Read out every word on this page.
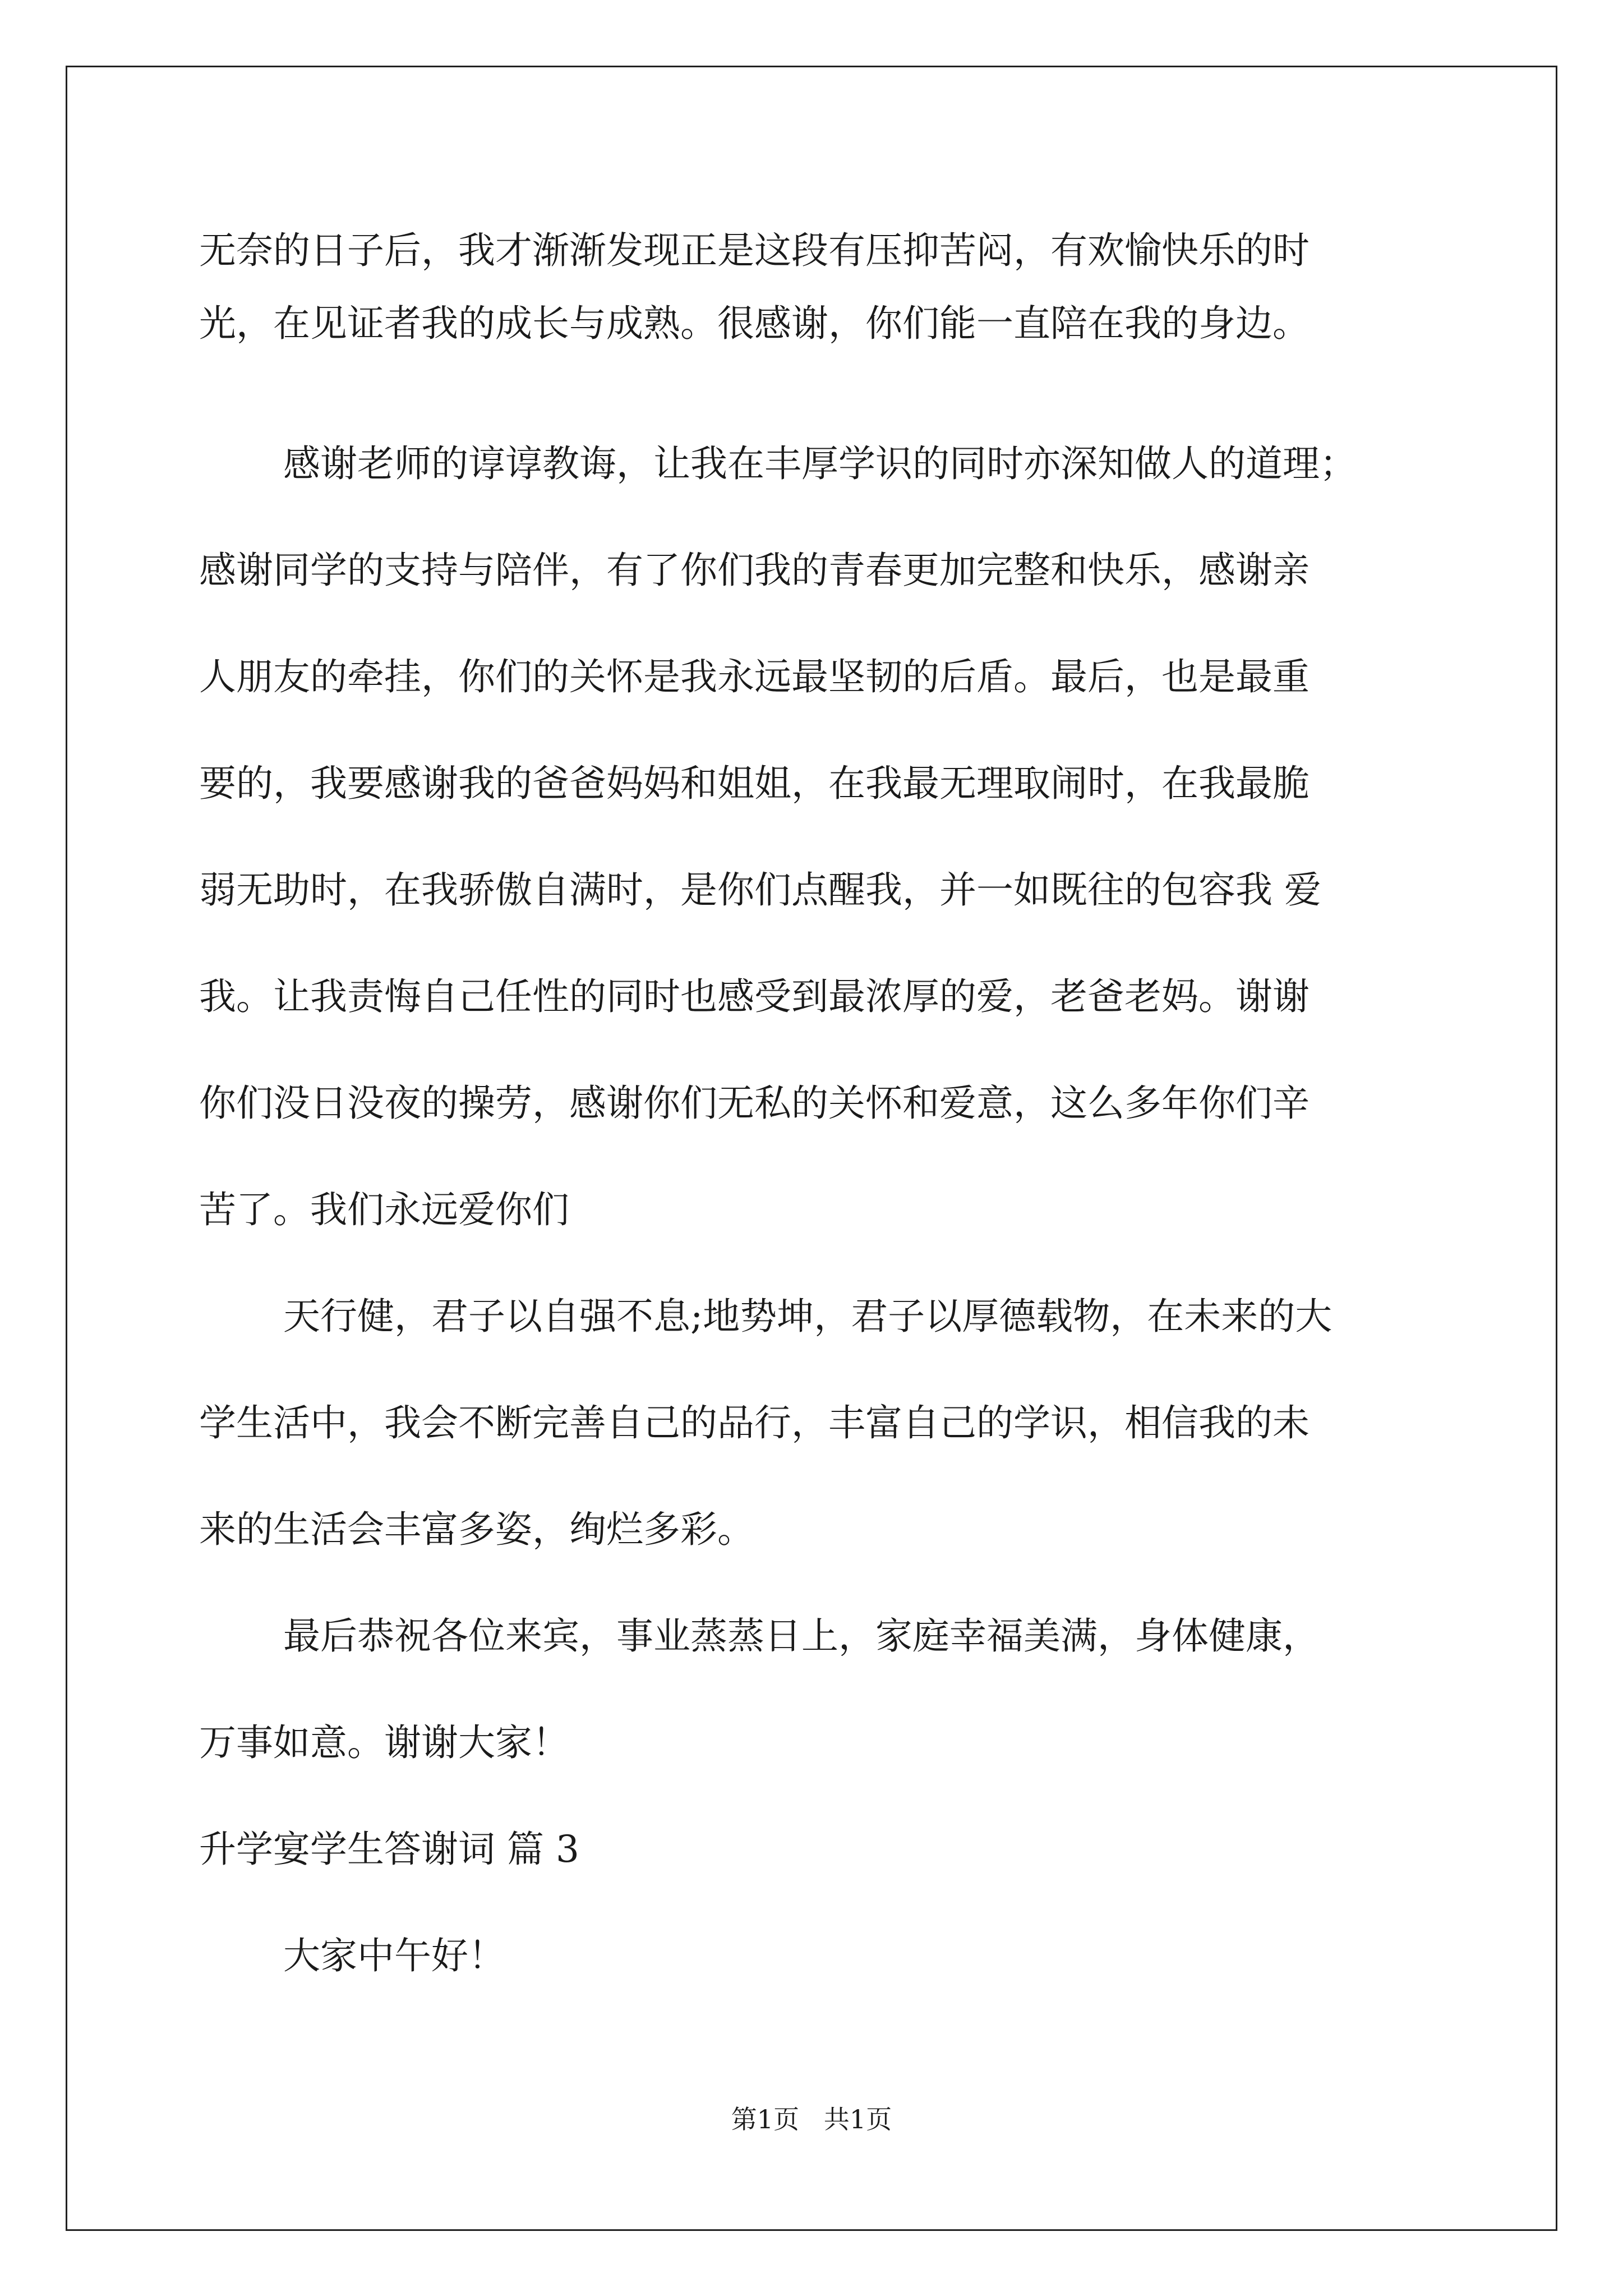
无奈的日子后，我才渐渐发现正是这段有压抑苦闷，有欢愉快乐的时
光，在见证者我的成长与成熟。很感谢，你们能一直陪在我的身边。
感谢老师的谆谆教诲，让我在丰厚学识的同时亦深知做人的道理；
感谢同学的支持与陪伴，有了你们我的青春更加完整和快乐，感谢亲
人朋友的牵挂，你们的关怀是我永远最坚韧的后盾。最后，也是最重
要的，我要感谢我的爸爸妈妈和姐姐，在我最无理取闹时，在我最脆
弱无助时，在我骄傲自满时，是你们点醒我，并一如既往的包容我 爱
我。让我责悔自己任性的同时也感受到最浓厚的爱，老爸老妈。谢谢
你们没日没夜的操劳，感谢你们无私的关怀和爱意，这么多年你们辛
苦了。我们永远爱你们
天行健，君子以自强不息;地势坤，君子以厚德载物，在未来的大
学生活中，我会不断完善自己的品行，丰富自己的学识，相信我的未
来的生活会丰富多姿，绚烂多彩。
最后恭祝各位来宾，事业蒸蒸日上，家庭幸福美满，身体健康，
万事如意。谢谢大家！
升学宴学生答谢词 篇 3
大家中午好！
第1页   共1页
